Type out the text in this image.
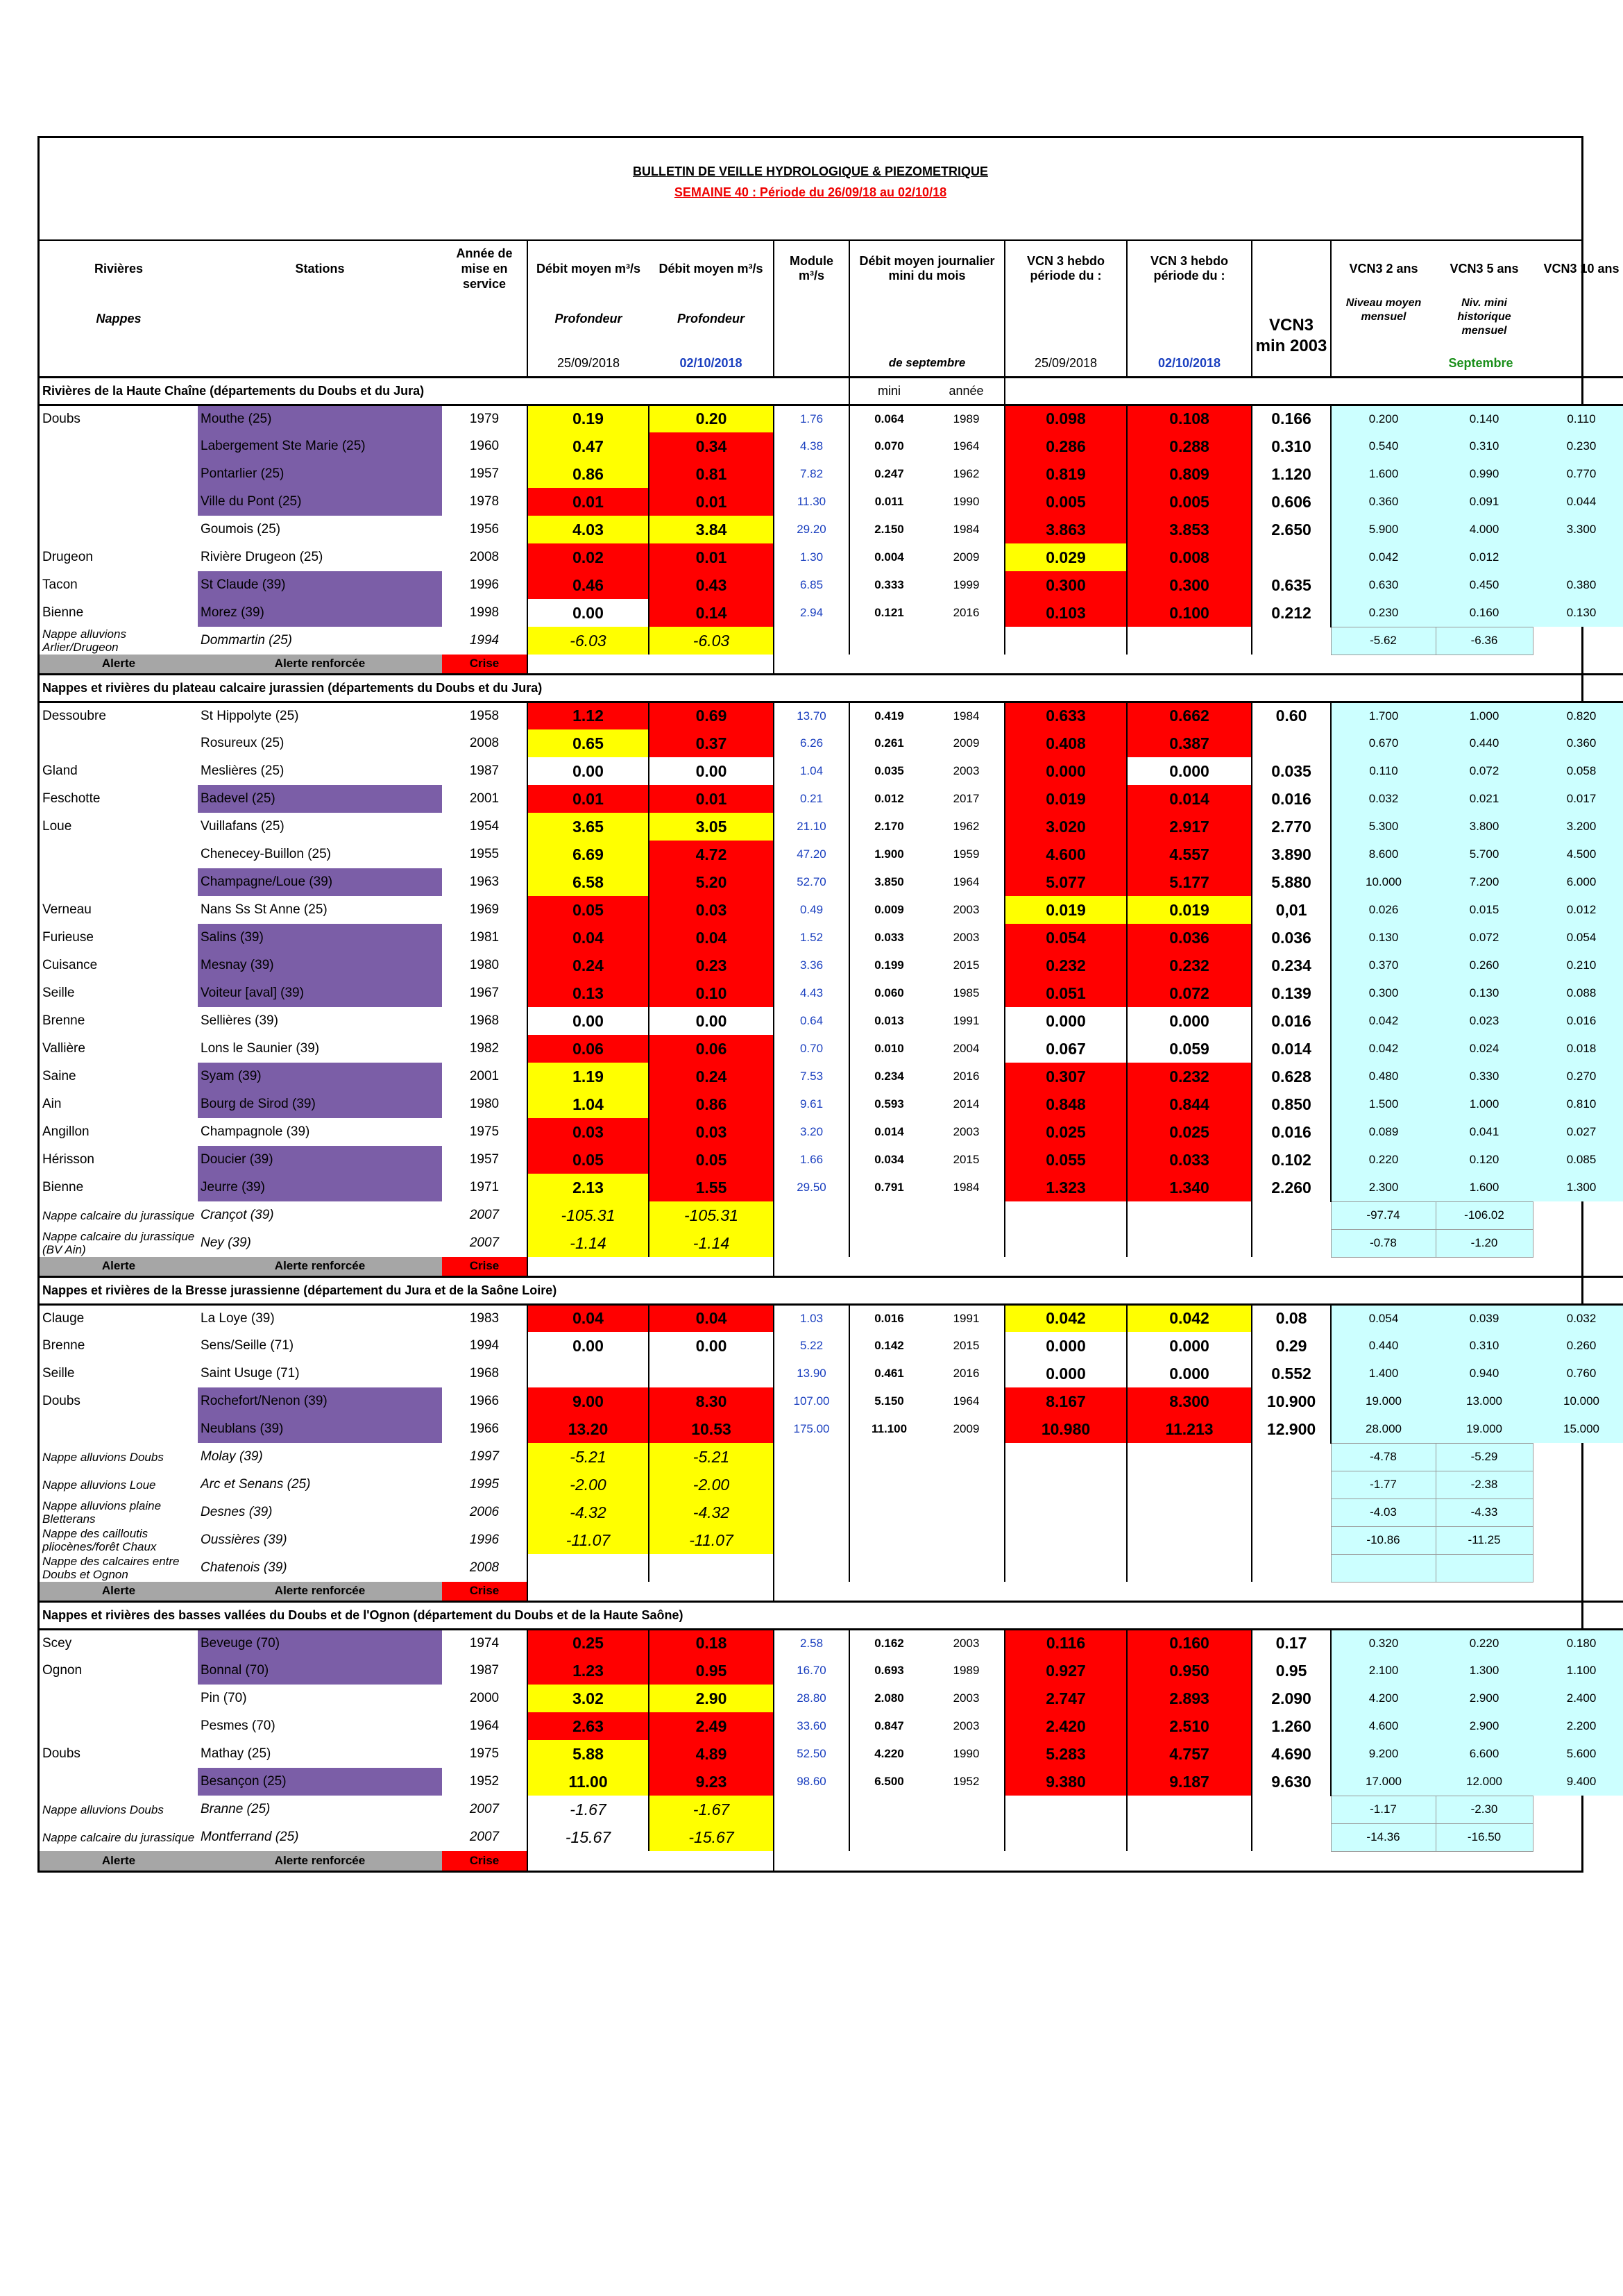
BULLETIN DE VEILLE HYDROLOGIQUE & PIEZOMETRIQUE
SEMAINE 40 : Période du 26/09/18 au 02/10/18
Rivières	Stations	Année de mise en service	Débit moyen m³/s	Débit moyen m³/s	Module m³/s	Débit moyen journalier mini du mois		VCN 3 hebdo période du :	VCN 3 hebdo période du :		VCN3 2 ans	VCN3 5 ans	VCN3 10 ans
Nappes			Profondeur	Profondeur						VCN3 min 2003	Niveau moyen mensuel	Niv. mini historique mensuel	
			25/09/2018	02/10/2018		de septembre		25/09/2018	02/10/2018		Septembre		
Rivières de la Haute Chaîne (départements du Doubs et du Jura)						mini	année						
Doubs	Mouthe (25)	1979	0.19	0.20	1.76	0.064	1989	0.098	0.108	0.166	0.200	0.140	0.110
	Labergement Ste Marie (25)	1960	0.47	0.34	4.38	0.070	1964	0.286	0.288	0.310	0.540	0.310	0.230
	Pontarlier (25)	1957	0.86	0.81	7.82	0.247	1962	0.819	0.809	1.120	1.600	0.990	0.770
	Ville du Pont (25)	1978	0.01	0.01	11.30	0.011	1990	0.005	0.005	0.606	0.360	0.091	0.044
	Goumois (25)	1956	4.03	3.84	29.20	2.150	1984	3.863	3.853	2.650	5.900	4.000	3.300
Drugeon	Rivière Drugeon (25)	2008	0.02	0.01	1.30	0.004	2009	0.029	0.008		0.042	0.012	
Tacon	St Claude (39)	1996	0.46	0.43	6.85	0.333	1999	0.300	0.300	0.635	0.630	0.450	0.380
Bienne	Morez (39)	1998	0.00	0.14	2.94	0.121	2016	0.103	0.100	0.212	0.230	0.160	0.130
Nappe alluvions Arlier/Drugeon	Dommartin (25)	1994	-6.03	-6.03							-5.62	-6.36	
Alerte	Alerte renforcée	Crise											
Nappes et rivières du plateau calcaire jurassien (départements du Doubs et du Jura)													
Dessoubre	St Hippolyte (25)	1958	1.12	0.69	13.70	0.419	1984	0.633	0.662	0.60	1.700	1.000	0.820
	Rosureux (25)	2008	0.65	0.37	6.26	0.261	2009	0.408	0.387		0.670	0.440	0.360
Gland	Meslières (25)	1987	0.00	0.00	1.04	0.035	2003	0.000	0.000	0.035	0.110	0.072	0.058
Feschotte	Badevel (25)	2001	0.01	0.01	0.21	0.012	2017	0.019	0.014	0.016	0.032	0.021	0.017
Loue	Vuillafans (25)	1954	3.65	3.05	21.10	2.170	1962	3.020	2.917	2.770	5.300	3.800	3.200
	Chenecey-Buillon (25)	1955	6.69	4.72	47.20	1.900	1959	4.600	4.557	3.890	8.600	5.700	4.500
	Champagne/Loue (39)	1963	6.58	5.20	52.70	3.850	1964	5.077	5.177	5.880	10.000	7.200	6.000
Verneau	Nans Ss St Anne (25)	1969	0.05	0.03	0.49	0.009	2003	0.019	0.019	0,01	0.026	0.015	0.012
Furieuse	Salins (39)	1981	0.04	0.04	1.52	0.033	2003	0.054	0.036	0.036	0.130	0.072	0.054
Cuisance	Mesnay (39)	1980	0.24	0.23	3.36	0.199	2015	0.232	0.232	0.234	0.370	0.260	0.210
Seille	Voiteur [aval] (39)	1967	0.13	0.10	4.43	0.060	1985	0.051	0.072	0.139	0.300	0.130	0.088
Brenne	Sellières (39)	1968	0.00	0.00	0.64	0.013	1991	0.000	0.000	0.016	0.042	0.023	0.016
Vallière	Lons le Saunier (39)	1982	0.06	0.06	0.70	0.010	2004	0.067	0.059	0.014	0.042	0.024	0.018
Saine	Syam (39)	2001	1.19	0.24	7.53	0.234	2016	0.307	0.232	0.628	0.480	0.330	0.270
Ain	Bourg de Sirod (39)	1980	1.04	0.86	9.61	0.593	2014	0.848	0.844	0.850	1.500	1.000	0.810
Angillon	Champagnole (39)	1975	0.03	0.03	3.20	0.014	2003	0.025	0.025	0.016	0.089	0.041	0.027
Hérisson	Doucier (39)	1957	0.05	0.05	1.66	0.034	2015	0.055	0.033	0.102	0.220	0.120	0.085
Bienne	Jeurre (39)	1971	2.13	1.55	29.50	0.791	1984	1.323	1.340	2.260	2.300	1.600	1.300
Nappe calcaire du jurassique	Crançot (39)	2007	-105.31	-105.31							-97.74	-106.02	
Nappe calcaire du jurassique (BV Ain)	Ney (39)	2007	-1.14	-1.14							-0.78	-1.20	
Alerte	Alerte renforcée	Crise											
Nappes et rivières de la Bresse jurassienne (département du Jura et de la Saône Loire)													
Clauge	La Loye (39)	1983	0.04	0.04	1.03	0.016	1991	0.042	0.042	0.08	0.054	0.039	0.032
Brenne	Sens/Seille (71)	1994	0.00	0.00	5.22	0.142	2015	0.000	0.000	0.29	0.440	0.310	0.260
Seille	Saint Usuge (71)	1968			13.90	0.461	2016	0.000	0.000	0.552	1.400	0.940	0.760
Doubs	Rochefort/Nenon (39)	1966	9.00	8.30	107.00	5.150	1964	8.167	8.300	10.900	19.000	13.000	10.000
	Neublans (39)	1966	13.20	10.53	175.00	11.100	2009	10.980	11.213	12.900	28.000	19.000	15.000
Nappe alluvions Doubs	Molay (39)	1997	-5.21	-5.21							-4.78	-5.29	
Nappe alluvions Loue	Arc et Senans (25)	1995	-2.00	-2.00							-1.77	-2.38	
Nappe alluvions plaine Bletterans	Desnes (39)	2006	-4.32	-4.32							-4.03	-4.33	
Nappe des cailloutis pliocènes/forêt Chaux	Oussières (39)	1996	-11.07	-11.07							-10.86	-11.25	
Nappe des calcaires entre Doubs et Ognon	Chatenois (39)	2008											
Alerte	Alerte renforcée	Crise											
Nappes et rivières des basses vallées du Doubs et de l'Ognon (département du Doubs et de la Haute Saône)													
Scey	Beveuge (70)	1974	0.25	0.18	2.58	0.162	2003	0.116	0.160	0.17	0.320	0.220	0.180
Ognon	Bonnal (70)	1987	1.23	0.95	16.70	0.693	1989	0.927	0.950	0.95	2.100	1.300	1.100
	Pin (70)	2000	3.02	2.90	28.80	2.080	2003	2.747	2.893	2.090	4.200	2.900	2.400
	Pesmes (70)	1964	2.63	2.49	33.60	0.847	2003	2.420	2.510	1.260	4.600	2.900	2.200
Doubs	Mathay (25)	1975	5.88	4.89	52.50	4.220	1990	5.283	4.757	4.690	9.200	6.600	5.600
	Besançon (25)	1952	11.00	9.23	98.60	6.500	1952	9.380	9.187	9.630	17.000	12.000	9.400
Nappe alluvions Doubs	Branne (25)	2007	-1.67	-1.67							-1.17	-2.30	
Nappe calcaire du jurassique	Montferrand (25)	2007	-15.67	-15.67							-14.36	-16.50	
Alerte	Alerte renforcée	Crise											
